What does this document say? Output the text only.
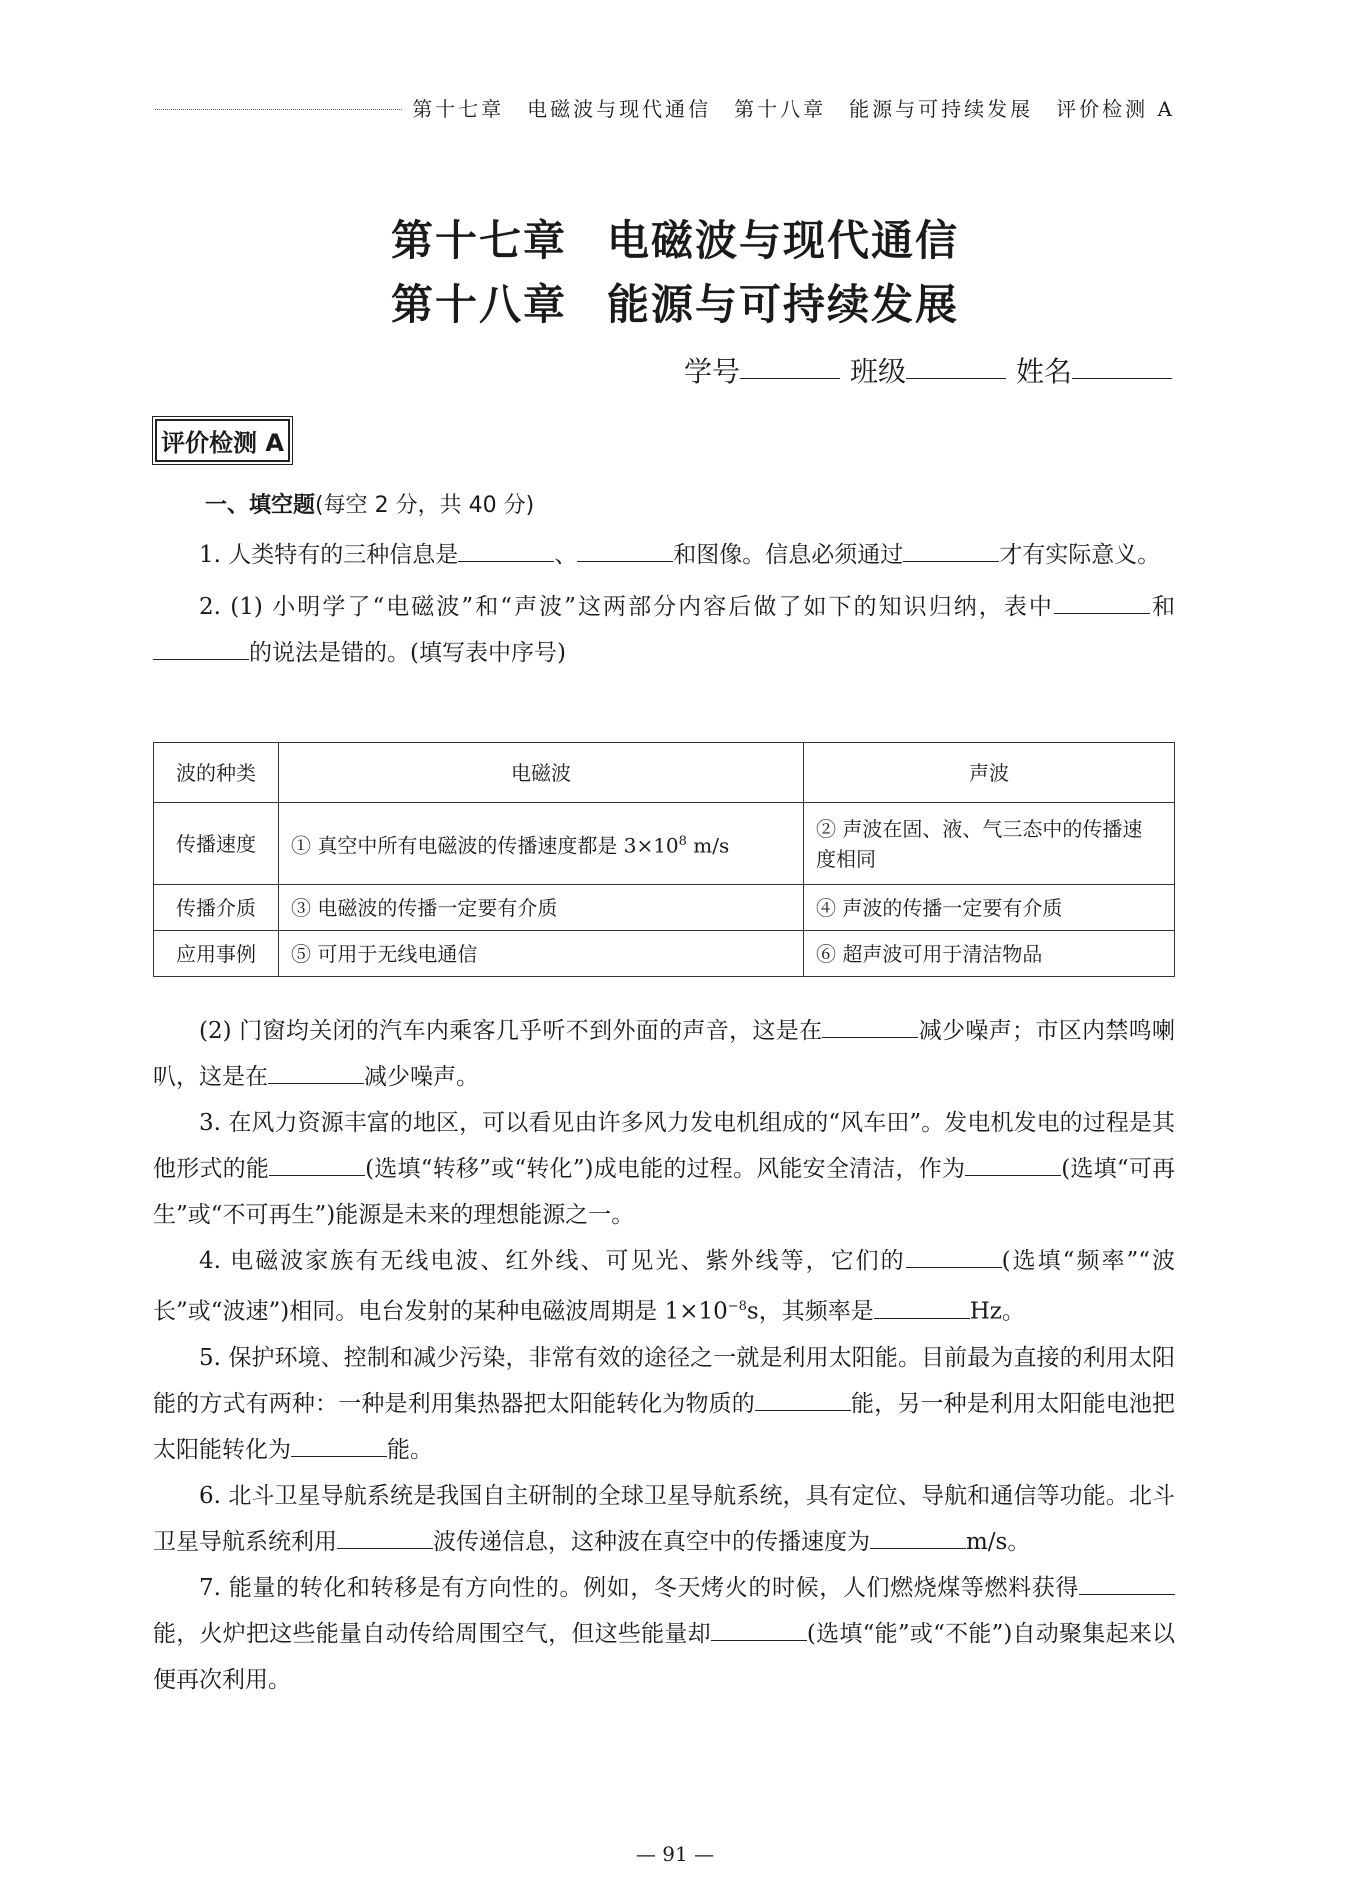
第十七章　电磁波与现代通信　第十八章　能源与可持续发展　评价检测 A
第十七章 电磁波与现代通信
第十八章 能源与可持续发展
学号	班级	姓名
评价检测 A
一、填空题(每空 2 分，共 40 分)

1. 人类特有的三种信息是	、	和图像。信息必须通过	才有实际意义。

2. (1) 小明学了“电磁波”和“声波”这两部分内容后做了如下的知识归纳，表中	和的说法是错的。(填写表中序号)

波的种类	电磁波	声波
传播速度	① 真空中所有电磁波的传播速度都是 $3\times 10^8$ m/s	② 声波在固、液、气三态中的传播速度相同
传播介质	③ 电磁波的传播一定要有介质	④ 声波的传播一定要有介质
应用事例	⑤ 可用于无线电通信	⑥ 超声波可用于清洁物品

(2) 门窗均关闭的汽车内乘客几乎听不到外面的声音，这是在	减少噪声；市区内禁鸣喇叭，这是在	减少噪声。

3. 在风力资源丰富的地区，可以看见由许多风力发电机组成的“风车田”。发电机发电的过程是其他形式的能	(选填“转移”或“转化”)成电能的过程。风能安全清洁，作为	(选填“可再生”或“不可再生”)能源是未来的理想能源之一。

4. 电磁波家族有无线电波、红外线、可见光、紫外线等，它们的	(选填“频率”“波长”或“波速”)相同。电台发射的某种电磁波周期是 $1\times 10^{-8}s$，其频率是	Hz。

5. 保护环境、控制和减少污染，非常有效的途径之一就是利用太阳能。目前最为直接的利用太阳能的方式有两种：一种是利用集热器把太阳能转化为物质的	能，另一种是利用太阳能电池把太阳能转化为	能。

6. 北斗卫星导航系统是我国自主研制的全球卫星导航系统，具有定位、导航和通信等功能。北斗卫星导航系统利用	波传递信息，这种波在真空中的传播速度为	m/s。

7. 能量的转化和转移是有方向性的。例如，冬天烤火的时候，人们燃烧煤等燃料获得能，火炉把这些能量自动传给周围空气，但这些能量却	(选填“能”或“不能”)自动聚集起来以便再次利用。

— 91 —
